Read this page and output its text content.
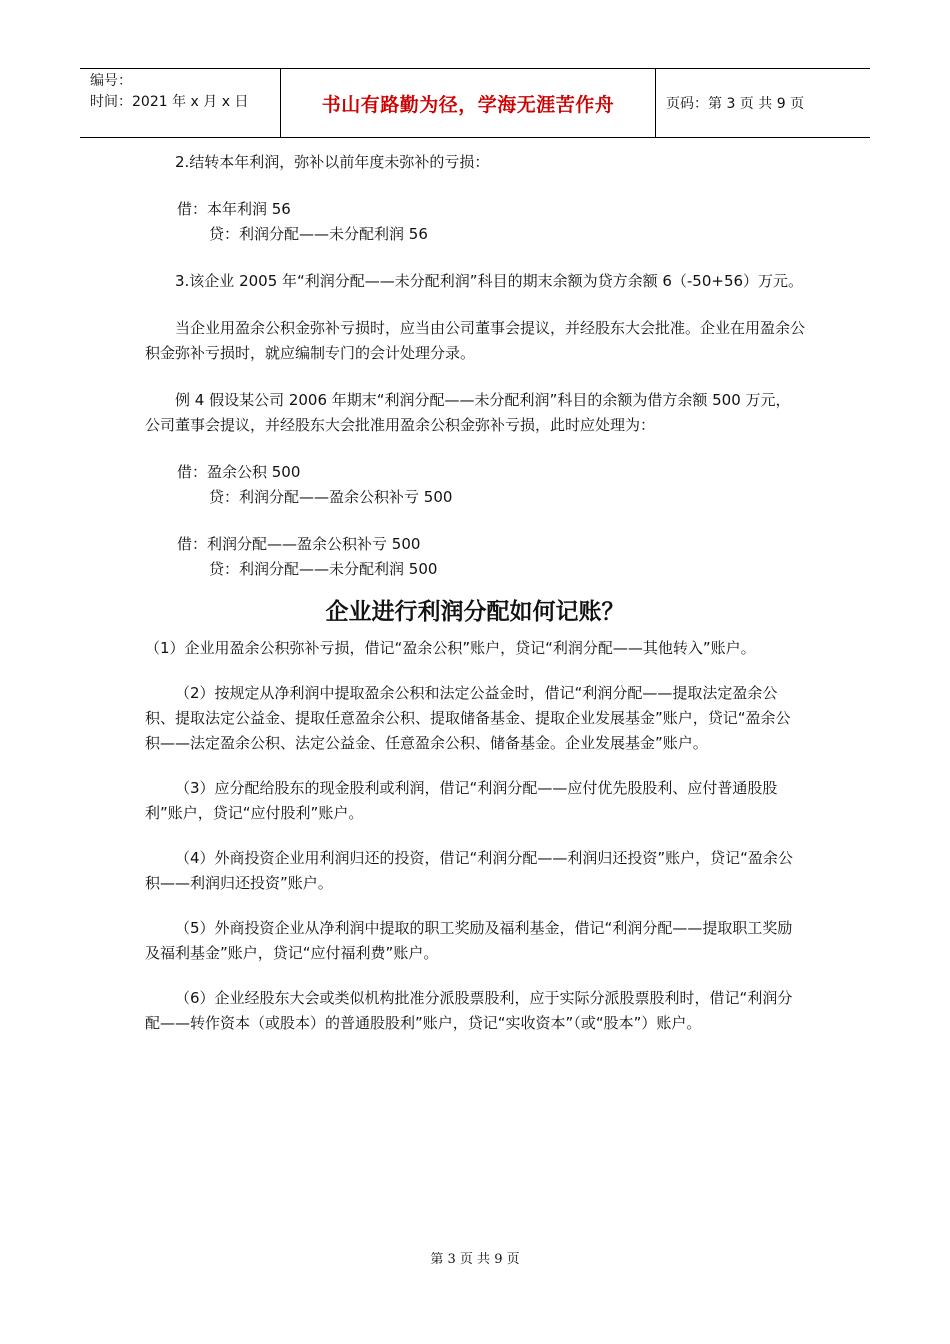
编号：
时间：2021 年 x 月 x 日	书山有路勤为径，学海无涯苦作舟	页码：第 3 页 共 9 页

2.结转本年利润，弥补以前年度未弥补的亏损：

借：本年利润 56

贷：利润分配——未分配利润 56

3.该企业 2005 年“利润分配——未分配利润”科目的期末余额为贷方余额 6（-50+56）万元。

当企业用盈余公积金弥补亏损时，应当由公司董事会提议，并经股东大会批准。企业在用盈余公积金弥补亏损时，就应编制专门的会计处理分录。

例 4 假设某公司 2006 年期末“利润分配——未分配利润”科目的余额为借方余额 500 万元，公司董事会提议，并经股东大会批准用盈余公积金弥补亏损，此时应处理为：

借：盈余公积 500

贷：利润分配——盈余公积补亏 500

借：利润分配——盈余公积补亏 500

贷：利润分配——未分配利润 500

企业进行利润分配如何记账？

（1）企业用盈余公积弥补亏损，借记“盈余公积”账户，贷记“利润分配——其他转入”账户。

（2）按规定从净利润中提取盈余公积和法定公益金时，借记“利润分配——提取法定盈余公积、提取法定公益金、提取任意盈余公积、提取储备基金、提取企业发展基金”账户，贷记“盈余公积——法定盈余公积、法定公益金、任意盈余公积、储备基金。企业发展基金”账户。

（3）应分配给股东的现金股利或利润，借记“利润分配——应付优先股股利、应付普通股股利”账户，贷记“应付股利”账户。

（4）外商投资企业用利润归还的投资，借记“利润分配——利润归还投资”账户，贷记“盈余公积——利润归还投资”账户。

（5）外商投资企业从净利润中提取的职工奖励及福利基金，借记“利润分配——提取职工奖励及福利基金”账户，贷记“应付福利费”账户。

（6）企业经股东大会或类似机构批准分派股票股利，应于实际分派股票股利时，借记“利润分配——转作资本（或股本）的普通股股利”账户，贷记“实收资本”（或“股本”）账户。

第 3 页 共 9 页
